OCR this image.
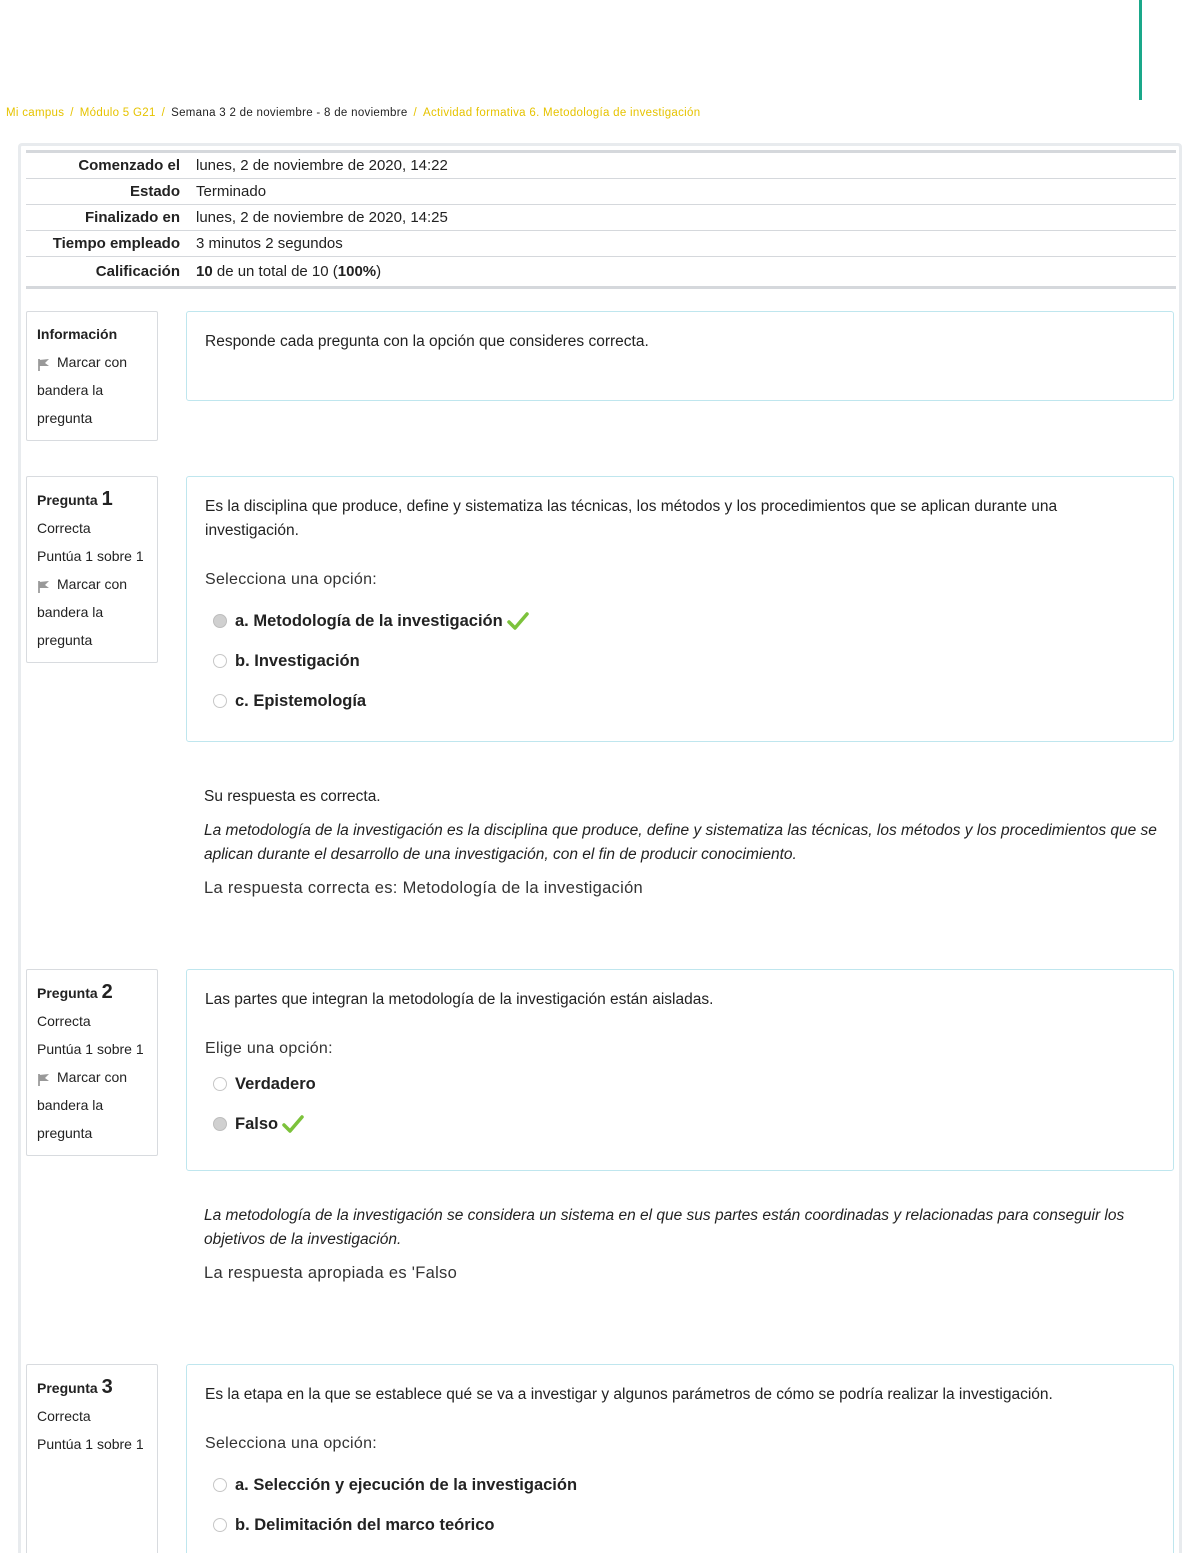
Mi campus / Módulo 5 G21 / Semana 3 2 de noviembre - 8 de noviembre / Actividad formativa 6. Metodología de investigación
Comenzado el	lunes, 2 de noviembre de 2020, 14:22
Estado	Terminado
Finalizado en	lunes, 2 de noviembre de 2020, 14:25
Tiempo empleado	3 minutos 2 segundos
Calificación	10 de un total de 10 (100%)
Información
Marcar con bandera la pregunta
Responde cada pregunta con la opción que consideres correcta.
Pregunta 1
Correcta
Puntúa 1 sobre 1
Marcar con bandera la pregunta
Es la disciplina que produce, define y sistematiza las técnicas, los métodos y los procedimientos que se aplican durante una investigación.
Selecciona una opción:
a. Metodología de la investigación
b. Investigación
c. Epistemología
Su respuesta es correcta.
La metodología de la investigación es la disciplina que produce, define y sistematiza las técnicas, los métodos y los procedimientos que se aplican durante el desarrollo de una investigación, con el fin de producir conocimiento.
La respuesta correcta es: Metodología de la investigación
Pregunta 2
Correcta
Puntúa 1 sobre 1
Marcar con bandera la pregunta
Las partes que integran la metodología de la investigación están aisladas.
Elige una opción:
Verdadero
Falso
La metodología de la investigación se considera un sistema en el que sus partes están coordinadas y relacionadas para conseguir los objetivos de la investigación.
La respuesta apropiada es 'Falso
Pregunta 3
Correcta
Puntúa 1 sobre 1
Es la etapa en la que se establece qué se va a investigar y algunos parámetros de cómo se podría realizar la investigación.
Selecciona una opción:
a. Selección y ejecución de la investigación
b. Delimitación del marco teórico
